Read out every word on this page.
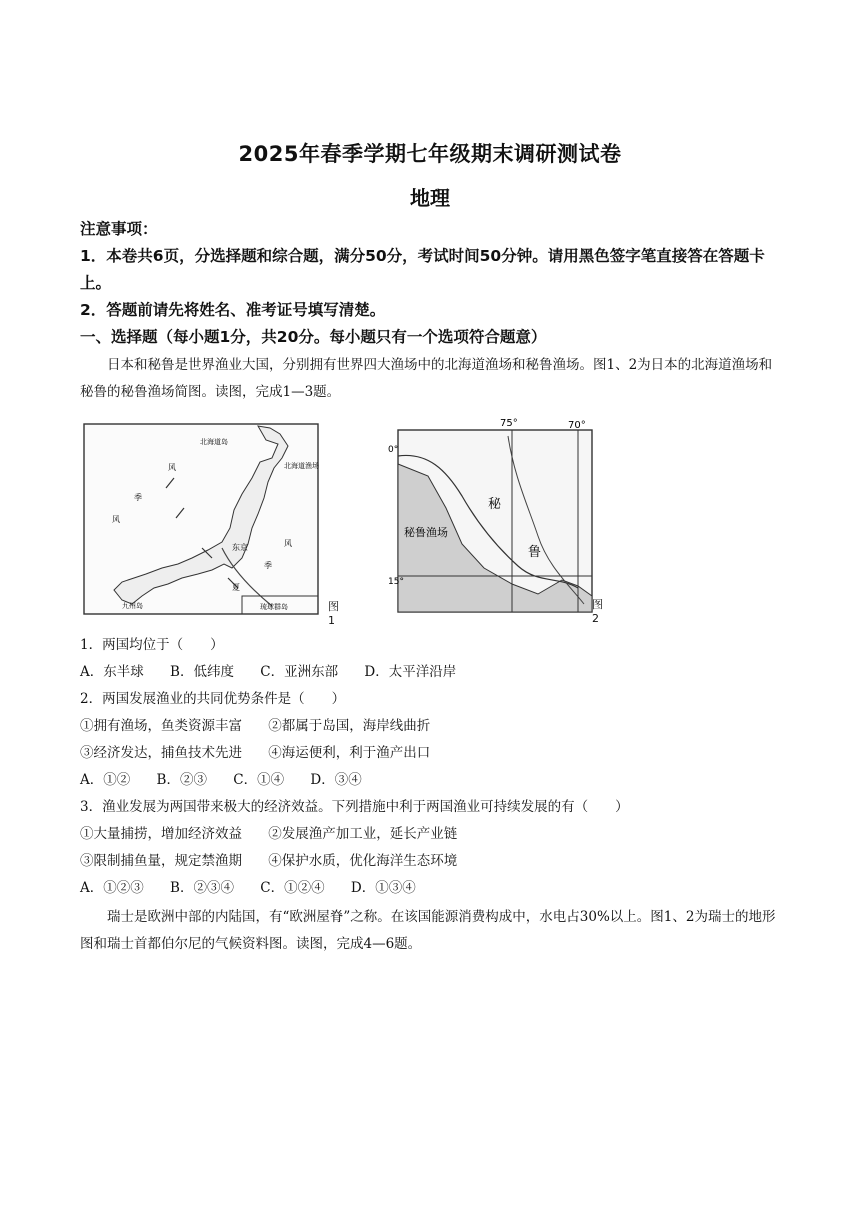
2025年春季学期七年级期末调研测试卷
地理
注意事项：
1．本卷共6页，分选择题和综合题，满分50分，考试时间50分钟。请用黑色签字笔直接答在答题卡上。
2．答题前请先将姓名、准考证号填写清楚。
一、选择题（每小题1分，共20分。每小题只有一个选项符合题意）
日本和秘鲁是世界渔业大国，分别拥有世界四大渔场中的北海道渔场和秘鲁渔场。图1、2为日本的北海道渔场和秘鲁的秘鲁渔场简图。读图，完成1—3题。
北海道岛
北海道渔场
风
季
风
东京	风
季
夏
九州岛	琉球群岛	图1
75°	70°
0°
15°
秘
鲁
秘鲁渔场
图2
1．两国均位于（　　）
A．东半球 B．低纬度 C．亚洲东部 D．太平洋沿岸
2．两国发展渔业的共同优势条件是（　　）
①拥有渔场，鱼类资源丰富 ②都属于岛国，海岸线曲折
③经济发达，捕鱼技术先进 ④海运便利，利于渔产出口
A．①② B．②③ C．①④ D．③④
3．渔业发展为两国带来极大的经济效益。下列措施中利于两国渔业可持续发展的有（　　）
①大量捕捞，增加经济效益 ②发展渔产加工业，延长产业链
③限制捕鱼量，规定禁渔期 ④保护水质，优化海洋生态环境
A．①②③ B．②③④ C．①②④ D．①③④
瑞士是欧洲中部的内陆国，有“欧洲屋脊”之称。在该国能源消费构成中，水电占30%以上。图1、2为瑞士的地形图和瑞士首都伯尔尼的气候资料图。读图，完成4—6题。
